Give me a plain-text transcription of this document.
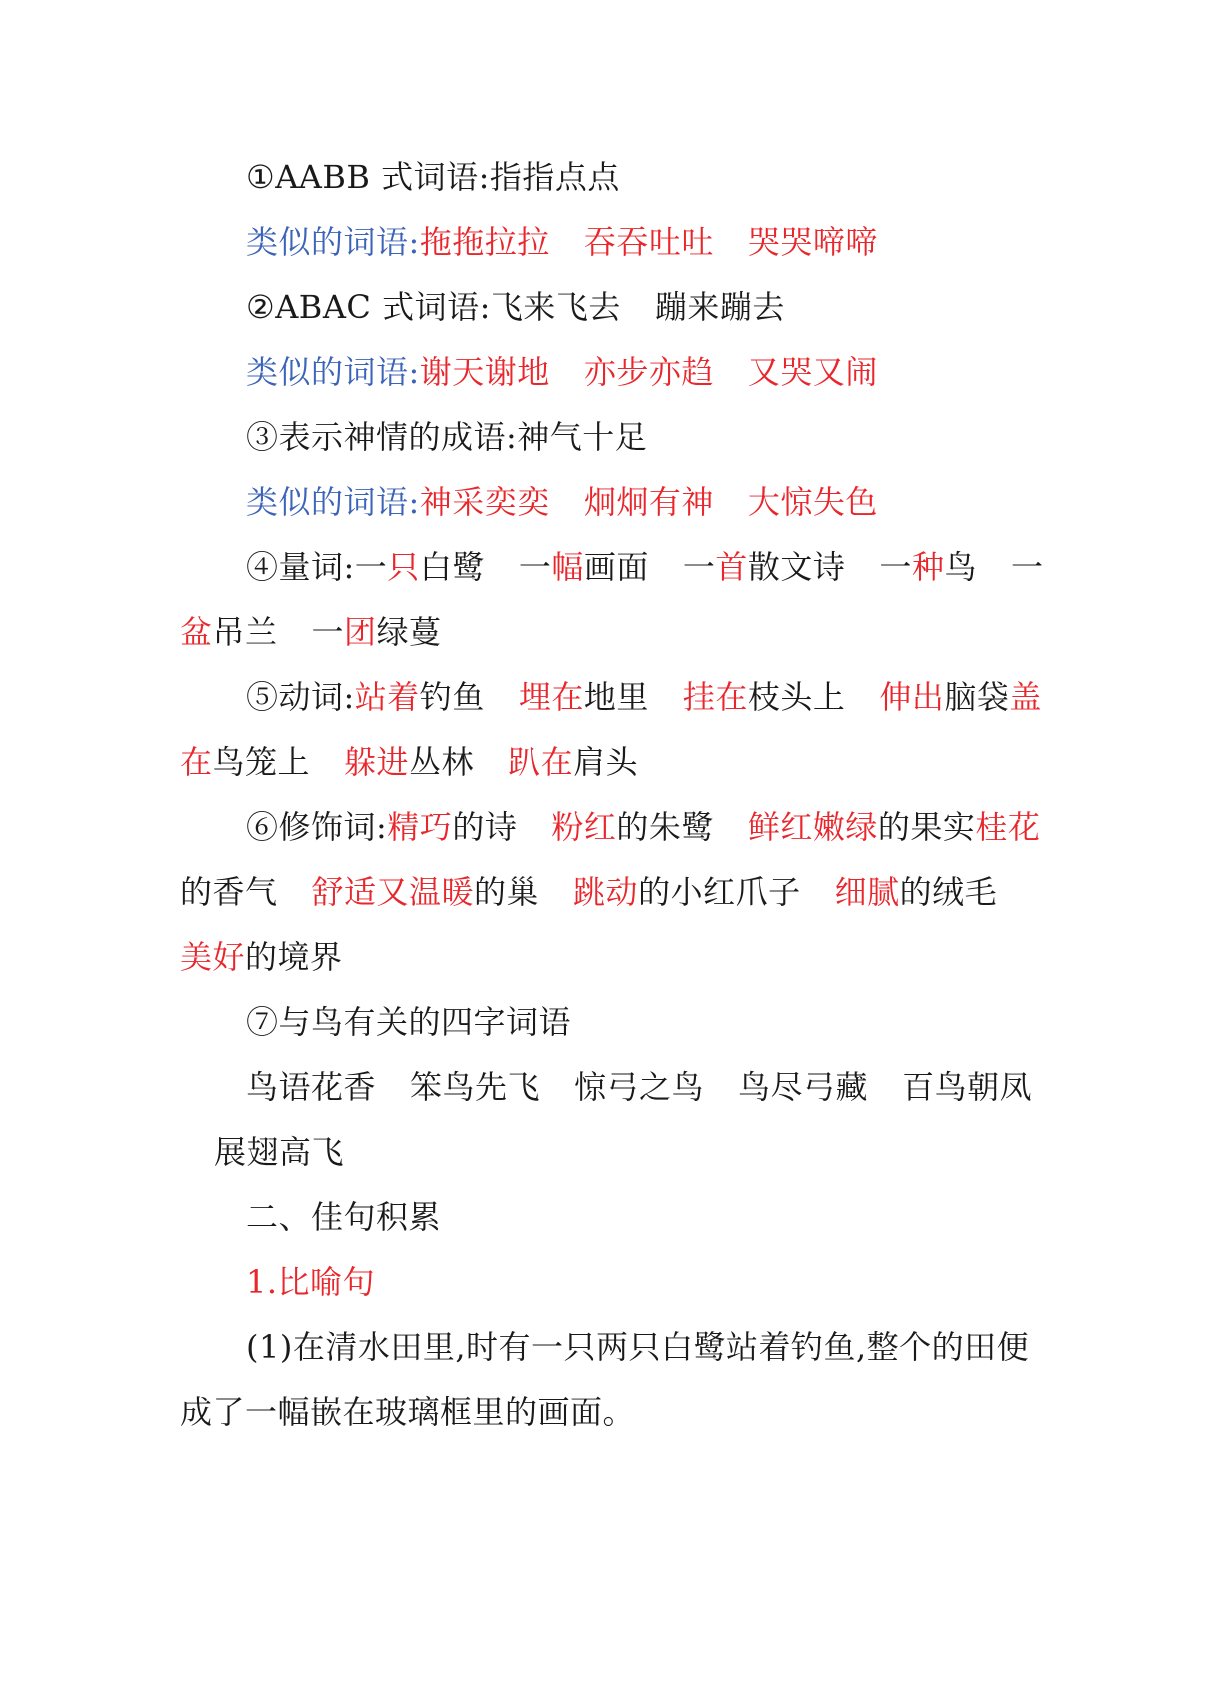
①AABB 式词语:指指点点

类似的词语:拖拖拉拉 吞吞吐吐 哭哭啼啼

②ABAC 式词语:飞来飞去 蹦来蹦去

类似的词语:谢天谢地 亦步亦趋 又哭又闹

③表示神情的成语:神气十足

类似的词语:神采奕奕 炯炯有神 大惊失色

④量词:一只白鹭 一幅画面 一首散文诗 一种鸟 一盆吊兰 一团绿蔓

⑤动词:站着钓鱼 埋在地里 挂在枝头上 伸出脑袋盖在鸟笼上 躲进丛林 趴在肩头

⑥修饰词:精巧的诗 粉红的朱鹭 鲜红嫩绿的果实桂花的香气 舒适又温暖的巢 跳动的小红爪子 细腻的绒毛美好的境界

⑦与鸟有关的四字词语

鸟语花香 笨鸟先飞 惊弓之鸟 鸟尽弓藏 百鸟朝凤展翅高飞

二、佳句积累

1.比喻句

(1)在清水田里,时有一只两只白鹭站着钓鱼,整个的田便成了一幅嵌在玻璃框里的画面。
